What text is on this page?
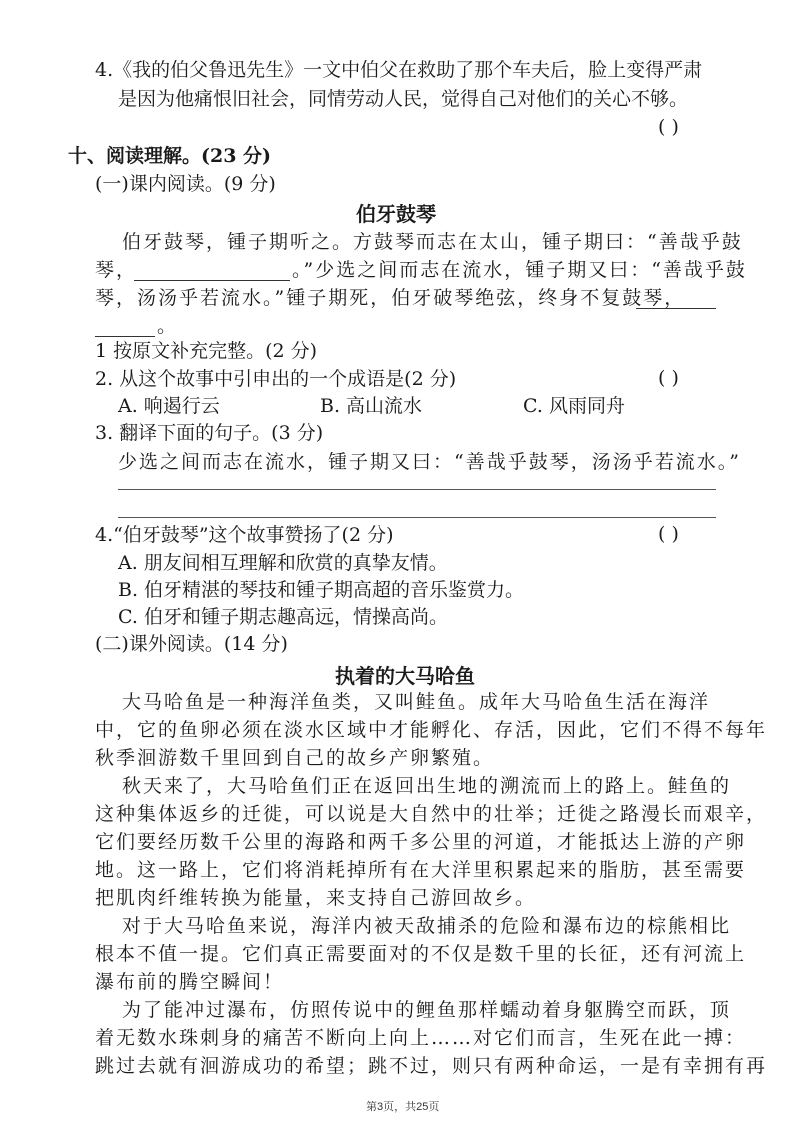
4.《我的伯父鲁迅先生》一文中伯父在救助了那个车夫后，脸上变得严肃
是因为他痛恨旧社会，同情劳动人民，觉得自己对他们的关心不够。
( )
十、阅读理解。(23 分)
(一)课内阅读。(9 分)
伯牙鼓琴
伯牙鼓琴，锺子期听之。方鼓琴而志在太山，锺子期曰：“善哉乎鼓
琴，	。”少选之间而志在流水，锺子期又曰：“善哉乎鼓
琴，汤汤乎若流水。”锺子期死，伯牙破琴绝弦，终身不复鼓琴，
。
1 按原文补充完整。(2 分)
2. 从这个故事中引申出的一个成语是(2 分)	( )
A. 响遏行云	B. 高山流水	C. 风雨同舟
3. 翻译下面的句子。(3 分)
少选之间而志在流水，锺子期又曰：“善哉乎鼓琴，汤汤乎若流水。”
4.“伯牙鼓琴”这个故事赞扬了(2 分)	( )
A. 朋友间相互理解和欣赏的真挚友情。
B. 伯牙精湛的琴技和锺子期高超的音乐鉴赏力。
C. 伯牙和锺子期志趣高远，情操高尚。
(二)课外阅读。(14 分)
执着的大马哈鱼
大马哈鱼是一种海洋鱼类，又叫鲑鱼。成年大马哈鱼生活在海洋
中，它的鱼卵必须在淡水区域中才能孵化、存活，因此，它们不得不每年
秋季洄游数千里回到自己的故乡产卵繁殖。
秋天来了，大马哈鱼们正在返回出生地的溯流而上的路上。鲑鱼的
这种集体返乡的迁徙，可以说是大自然中的壮举；迁徙之路漫长而艰辛，
它们要经历数千公里的海路和两千多公里的河道，才能抵达上游的产卵
地。这一路上，它们将消耗掉所有在大洋里积累起来的脂肪，甚至需要
把肌肉纤维转换为能量，来支持自己游回故乡。
对于大马哈鱼来说，海洋内被天敌捕杀的危险和瀑布边的棕熊相比
根本不值一提。它们真正需要面对的不仅是数千里的长征，还有河流上
瀑布前的腾空瞬间！
为了能冲过瀑布，仿照传说中的鲤鱼那样蠕动着身躯腾空而跃，顶
着无数水珠刺身的痛苦不断向上向上……对它们而言，生死在此一搏：
跳过去就有洄游成功的希望；跳不过，则只有两种命运，一是有幸拥有再
第3页，共25页
